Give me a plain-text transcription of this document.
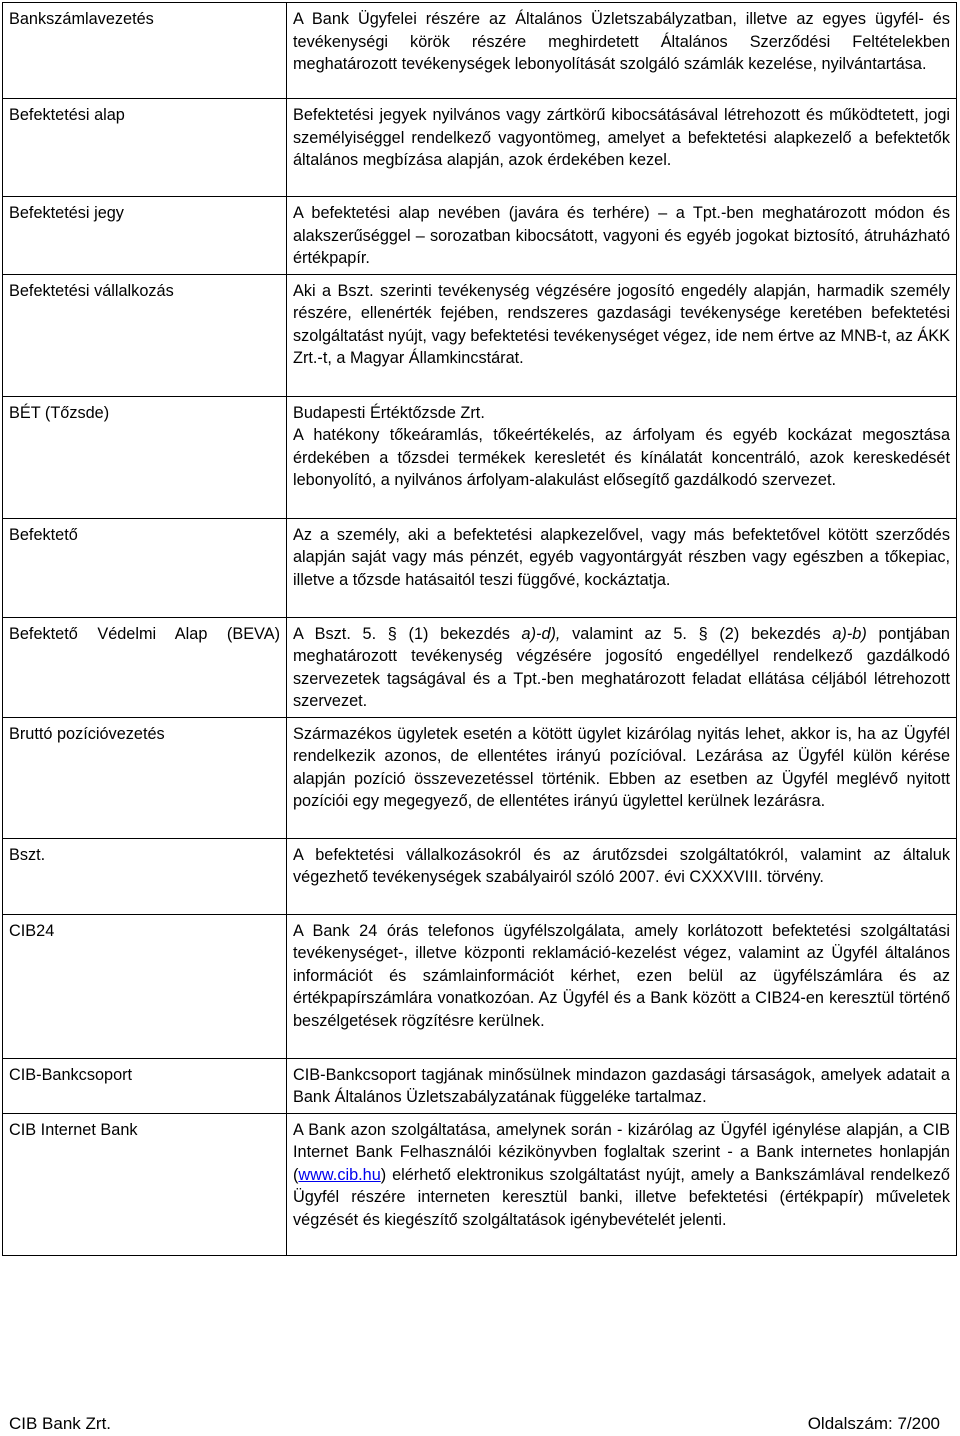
Bankszámlavezetés	A Bank Ügyfelei részére az Általános Üzletszabályzatban, illetve az egyes ügyfél- és tevékenységi körök részére meghirdetett Általános Szerződési Feltételekben meghatározott tevékenységek lebonyolítását szolgáló számlák kezelése, nyilvántartása.
Befektetési alap	Befektetési jegyek nyilvános vagy zártkörű kibocsátásával létrehozott és működtetett, jogi személyiséggel rendelkező vagyontömeg, amelyet a befektetési alapkezelő a befektetők általános megbízása alapján, azok érdekében kezel.
Befektetési jegy	A befektetési alap nevében (javára és terhére) – a Tpt.-ben meghatározott módon és alakszerűséggel – sorozatban kibocsátott, vagyoni és egyéb jogokat biztosító, átruházható értékpapír.
Befektetési vállalkozás	Aki a Bszt. szerinti tevékenység végzésére jogosító engedély alapján, harmadik személy részére, ellenérték fejében, rendszeres gazdasági tevékenysége keretében befektetési szolgáltatást nyújt, vagy befektetési tevékenységet végez, ide nem értve az MNB-t, az ÁKK Zrt.-t, a Magyar Államkincstárat.
BÉT (Tőzsde)	Budapesti Értéktőzsde Zrt.
A hatékony tőkeáramlás, tőkeértékelés, az árfolyam és egyéb kockázat megosztása érdekében a tőzsdei termékek keresletét és kínálatát koncentráló, azok kereskedését lebonyolító, a nyilvános árfolyam-alakulást elősegítő gazdálkodó szervezet.

Befektető	Az a személy, aki a befektetési alapkezelővel, vagy más befektetővel kötött szerződés alapján saját vagy más pénzét, egyéb vagyontárgyát részben vagy egészben a tőkepiac, illetve a tőzsde hatásaitól teszi függővé, kockáztatja.

Befektető Védelmi Alap (BEVA)	A Bszt. 5. § (1) bekezdés a)-d), valamint az 5. § (2) bekezdés a)-b) pontjában meghatározott tevékenység végzésére jogosító engedéllyel rendelkező gazdálkodó szervezetek tagságával és a Tpt.-ben meghatározott feladat ellátása céljából létrehozott szervezet.
Bruttó pozícióvezetés	Származékos ügyletek esetén a kötött ügylet kizárólag nyitás lehet, akkor is, ha az Ügyfél rendelkezik azonos, de ellentétes irányú pozícióval. Lezárása az Ügyfél külön kérése alapján pozíció összevezetéssel történik. Ebben az esetben az Ügyfél meglévő nyitott pozíciói egy megegyező, de ellentétes irányú ügylettel kerülnek lezárásra.
Bszt.	A befektetési vállalkozásokról és az árutőzsdei szolgáltatókról, valamint az általuk végezhető tevékenységek szabályairól szóló 2007. évi CXXXVIII. törvény.
CIB24	A Bank 24 órás telefonos ügyfélszolgálata, amely korlátozott befektetési szolgáltatási tevékenységet-, illetve központi reklamáció-kezelést végez, valamint az Ügyfél általános információt és számlainformációt kérhet, ezen belül az ügyfélszámlára és az értékpapírszámlára vonatkozóan. Az Ügyfél és a Bank között a CIB24-en keresztül történő beszélgetések rögzítésre kerülnek.
CIB-Bankcsoport	CIB-Bankcsoport tagjának minősülnek mindazon gazdasági társaságok, amelyek adatait a Bank Általános Üzletszabályzatának függeléke tartalmaz.
CIB Internet Bank	A Bank azon szolgáltatása, amelynek során - kizárólag az Ügyfél igénylése alapján, a CIB Internet Bank Felhasználói kézikönyvben foglaltak szerint - a Bank internetes honlapján (www.cib.hu) elérhető elektronikus szolgáltatást nyújt, amely a Bankszámlával rendelkező Ügyfél részére interneten keresztül banki, illetve befektetési (értékpapír) műveletek végzését és kiegészítő szolgáltatások igénybevételét jelenti.
CIB Bank Zrt.	Oldalszám: 7/200
